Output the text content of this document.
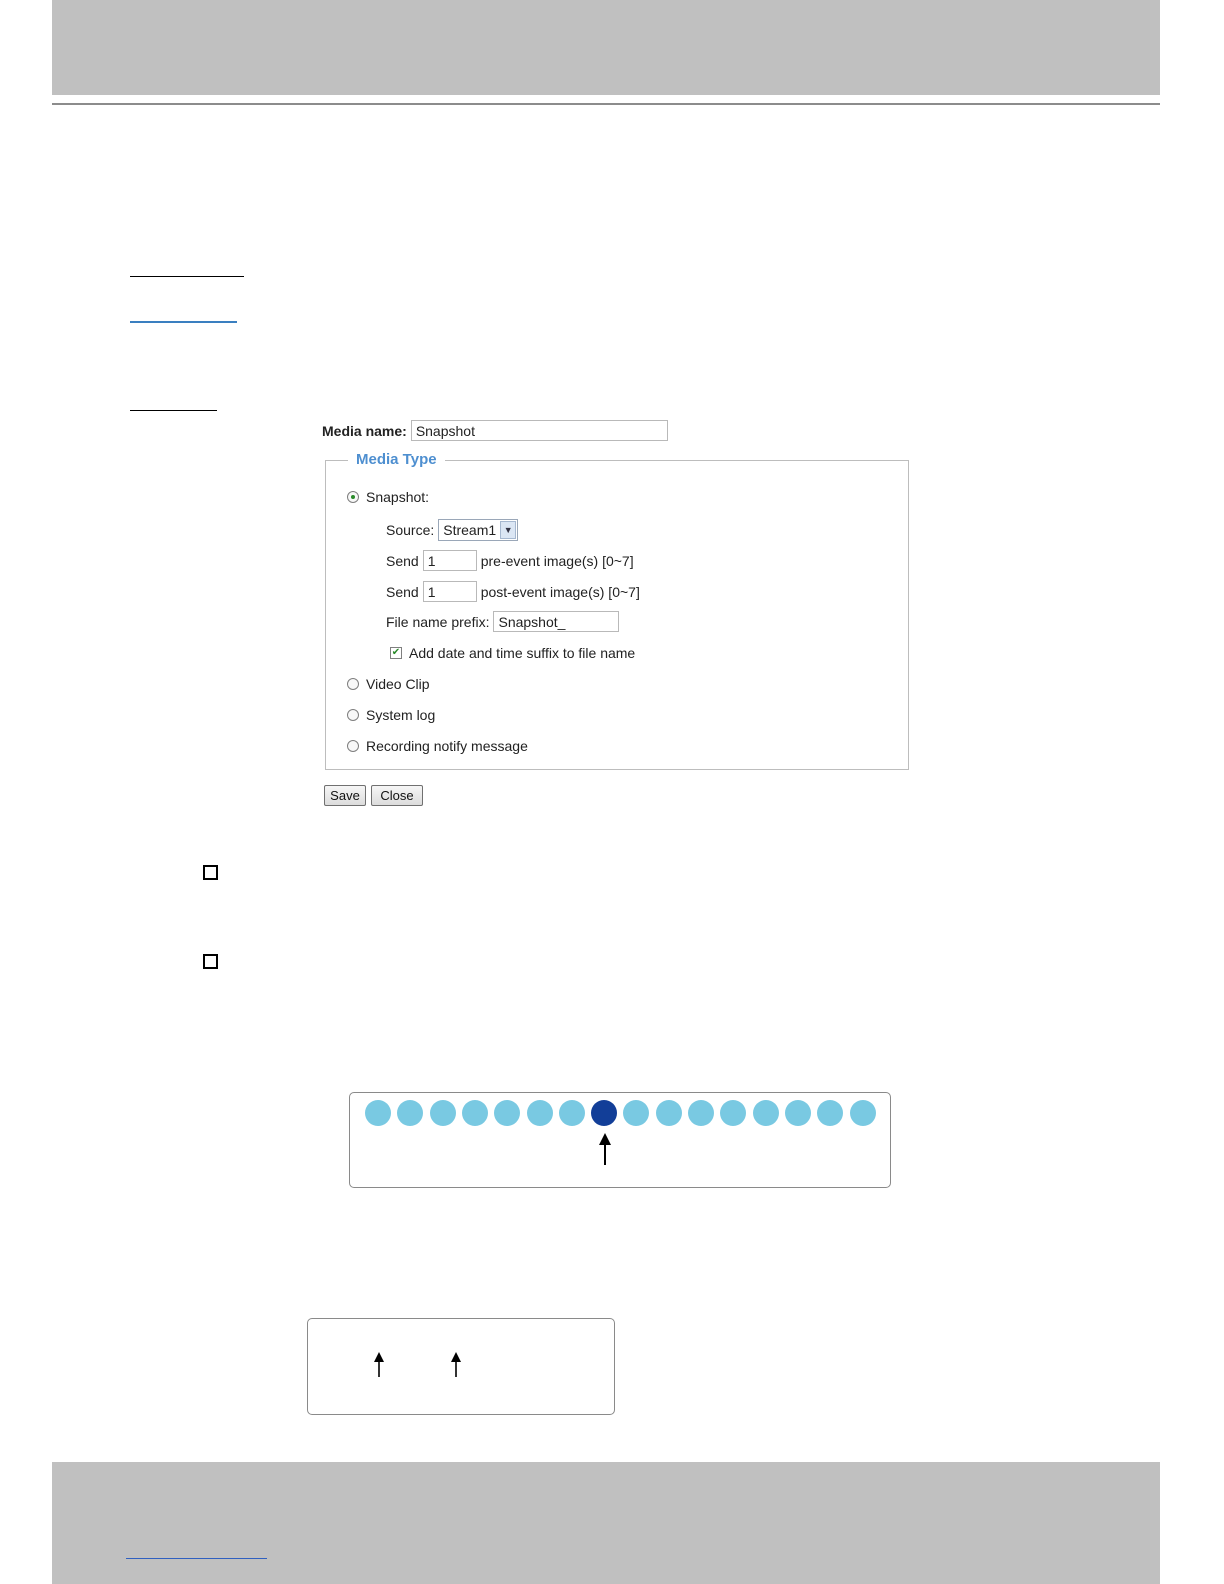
Media name: Snapshot
Media Type
Snapshot:
Source: Stream1 ▼
Send 1	pre-event image(s) [0~7]
Send 1	post-event image(s) [0~7]
File name prefix: Snapshot_
✔ Add date and time suffix to file name
Video Clip
System log
Recording notify message
Save	Close
